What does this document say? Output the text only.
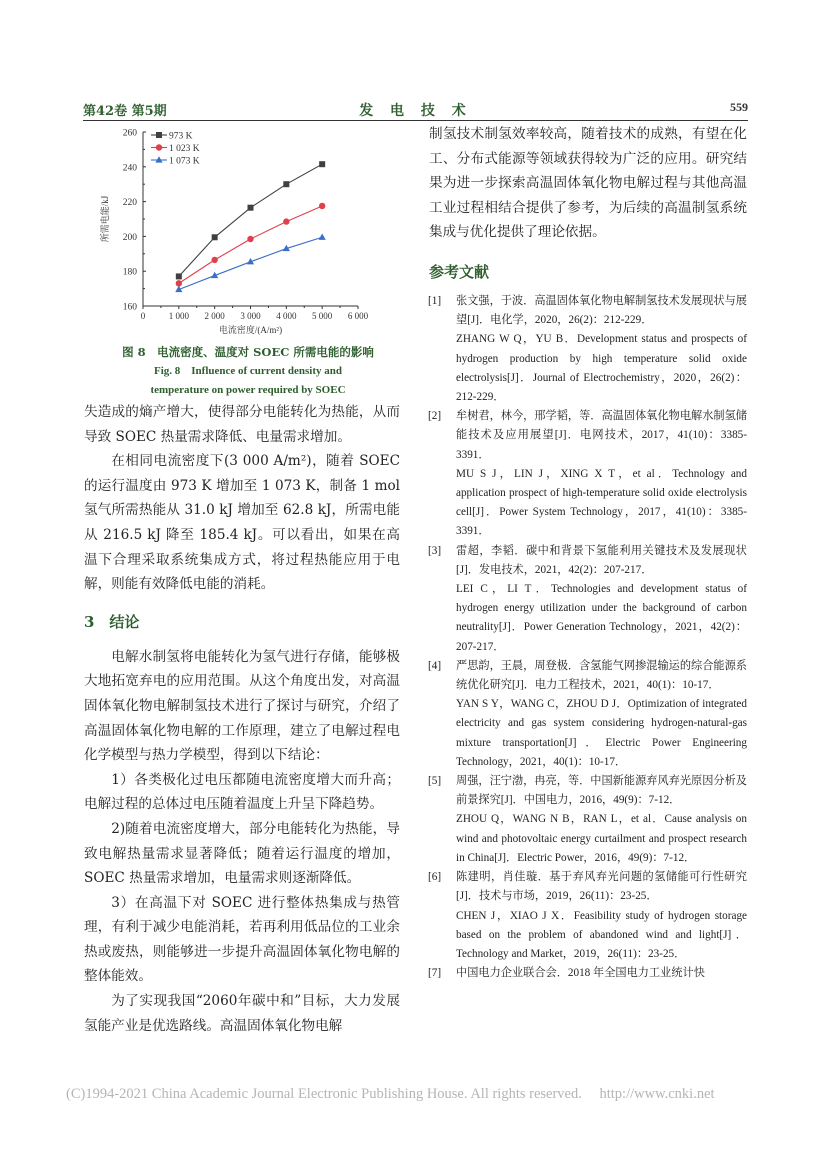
第42卷 第5期	发 电 技 术	559
0	1 000 2 000 3 000 4 000 5 000 6 000
160
180
200
220
240
260
电流密度/(A/m²)
所需电能/kJ
973 K
1 023 K
1 073 K
图 8　电流密度、温度对 SOEC 所需电能的影响
Fig. 8　Influence of current density and
temperature on power required by SOEC

失造成的熵产增大，使得部分电能转化为热能，从而导致 SOEC 热量需求降低、电量需求增加。

在相同电流密度下(3 000 A/m²)，随着 SOEC 的运行温度由 973 K 增加至 1 073 K，制备 1 mol 氢气所需热能从 31.0 kJ 增加至 62.8 kJ，所需电能从 216.5 kJ 降至 185.4 kJ。可以看出，如果在高温下合理采取系统集成方式，将过程热能应用于电解，则能有效降低电能的消耗。

3　结论

电解水制氢将电能转化为氢气进行存储，能够极大地拓宽弃电的应用范围。从这个角度出发，对高温固体氧化物电解制氢技术进行了探讨与研究，介绍了高温固体氧化物电解的工作原理，建立了电解过程电化学模型与热力学模型，得到以下结论：

1）各类极化过电压都随电流密度增大而升高；电解过程的总体过电压随着温度上升呈下降趋势。

2)随着电流密度增大，部分电能转化为热能，导致电解热量需求显著降低；随着运行温度的增加，SOEC 热量需求增加，电量需求则逐渐降低。

3）在高温下对 SOEC 进行整体热集成与热管理，有利于减少电能消耗，若再利用低品位的工业余热或废热，则能够进一步提升高温固体氧化物电解的整体能效。

为了实现我国“2060年碳中和”目标，大力发展氢能产业是优选路线。高温固体氧化物电解

制氢技术制氢效率较高，随着技术的成熟，有望在化工、分布式能源等领域获得较为广泛的应用。研究结果为进一步探索高温固体氧化物电解过程与其他高温工业过程相结合提供了参考，为后续的高温制氢系统集成与优化提供了理论依据。

参考文献
[1] 张文强，于波．高温固体氧化物电解制氢技术发展现状与展望[J]．电化学，2020，26(2)：212-229．
ZHANG W Q，YU B．Development status and prospects of hydrogen production by high temperature solid oxide electrolysis[J]．Journal of Electrochemistry，2020，26(2)：212-229．
[2] 牟树君，林今，邢学韬，等．高温固体氧化物电解水制氢储能技术及应用展望[J]．电网技术，2017，41(10)：3385-3391．
MU S J，LIN J，XING X T，et al．Technology and application prospect of high-temperature solid oxide electrolysis cell[J]．Power System Technology，2017，41(10)：3385-3391．
[3] 雷超，李韬．碳中和背景下氢能利用关键技术及发展现状[J]．发电技术，2021，42(2)：207-217．
LEI C，LI T．Technologies and development status of hydrogen energy utilization under the background of carbon neutrality[J]．Power Generation Technology，2021，42(2)：207-217．
[4] 严思韵，王晨，周登极．含氢能气网掺混输运的综合能源系统优化研究[J]．电力工程技术，2021，40(1)：10-17．
YAN S Y，WANG C，ZHOU D J．Optimization of integrated electricity and gas system considering hydrogen-natural-gas mixture transportation[J]．Electric Power Engineering Technology，2021，40(1)：10-17．
[5] 周强，汪宁渤，冉亮，等．中国新能源弃风弃光原因分析及前景探究[J]．中国电力，2016，49(9)：7-12．
ZHOU Q，WANG N B，RAN L，et al．Cause analysis on wind and photovoltaic energy curtailment and prospect research in China[J]．Electric Power，2016，49(9)：7-12．
[6] 陈建明，肖佳璇．基于弃风弃光问题的氢储能可行性研究[J]．技术与市场，2019，26(11)：23-25．
CHEN J，XIAO J X．Feasibility study of hydrogen storage based on the problem of abandoned wind and light[J]．Technology and Market，2019，26(11)：23-25．
[7] 中国电力企业联合会．2018 年全国电力工业统计快
(C)1994-2021 China Academic Journal Electronic Publishing House. All rights reserved. http://www.cnki.net
